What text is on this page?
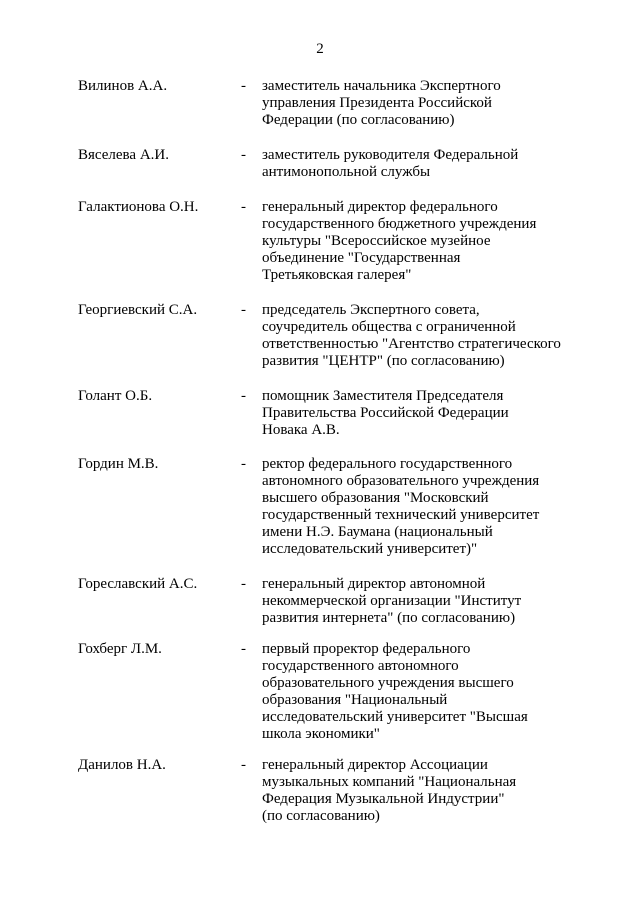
2
Вилинов А.А.	- заместитель начальника Экспертного
управления Президента Российской
Федерации (по согласованию)
Вяселева А.И.	- заместитель руководителя Федеральной
антимонопольной службы
Галактионова О.Н.	- генеральный директор федерального
государственного бюджетного учреждения
культуры "Всероссийское музейное
объединение "Государственная
Третьяковская галерея"
Георгиевский С.А.	- председатель Экспертного совета,
соучредитель общества с ограниченной
ответственностью "Агентство стратегического
развития "ЦЕНТР" (по согласованию)
Голант О.Б.	- помощник Заместителя Председателя
Правительства Российской Федерации
Новака А.В.
Гордин М.В.	- ректор федерального государственного
автономного образовательного учреждения
высшего образования "Московский
государственный технический университет
имени Н.Э. Баумана (национальный
исследовательский университет)"
Гореславский А.С.	- генеральный директор автономной
некоммерческой организации "Институт
развития интернета" (по согласованию)
Гохберг Л.М.	- первый проректор федерального
государственного автономного
образовательного учреждения высшего
образования "Национальный
исследовательский университет "Высшая
школа экономики"
Данилов Н.А.	- генеральный директор Ассоциации
музыкальных компаний "Национальная
Федерация Музыкальной Индустрии"
(по согласованию)
